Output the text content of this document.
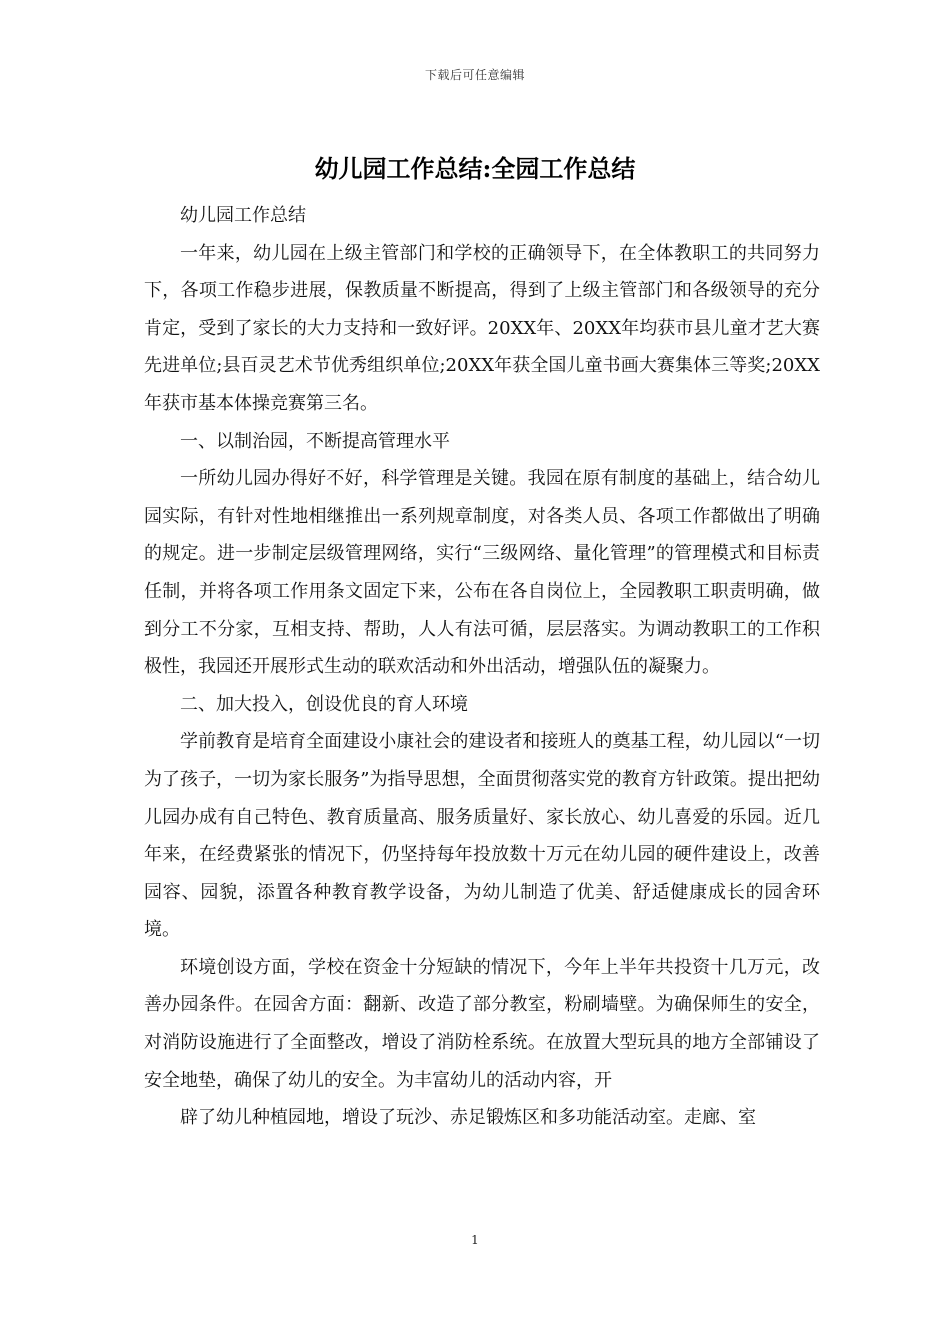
下载后可任意编辑
幼儿园工作总结:全园工作总结

幼儿园工作总结

一年来，幼儿园在上级主管部门和学校的正确领导下，在全体教职工的共同努力下，各项工作稳步进展，保教质量不断提高，得到了上级主管部门和各级领导的充分肯定，受到了家长的大力支持和一致好评。20XX年、20XX年均获市县儿童才艺大赛先进单位;县百灵艺术节优秀组织单位;20XX年获全国儿童书画大赛集体三等奖;20XX年获市基本体操竞赛第三名。

一、以制治园，不断提高管理水平

一所幼儿园办得好不好，科学管理是关键。我园在原有制度的基础上，结合幼儿园实际，有针对性地相继推出一系列规章制度，对各类人员、各项工作都做出了明确的规定。进一步制定层级管理网络，实行“三级网络、量化管理”的管理模式和目标责任制，并将各项工作用条文固定下来，公布在各自岗位上，全园教职工职责明确，做到分工不分家，互相支持、帮助，人人有法可循，层层落实。为调动教职工的工作积极性，我园还开展形式生动的联欢活动和外出活动，增强队伍的凝聚力。

二、加大投入，创设优良的育人环境

学前教育是培育全面建设小康社会的建设者和接班人的奠基工程，幼儿园以“一切为了孩子，一切为家长服务”为指导思想，全面贯彻落实党的教育方针政策。提出把幼儿园办成有自己特色、教育质量高、服务质量好、家长放心、幼儿喜爱的乐园。近几年来，在经费紧张的情况下，仍坚持每年投放数十万元在幼儿园的硬件建设上，改善园容、园貌，添置各种教育教学设备，为幼儿制造了优美、舒适健康成长的园舍环境。

环境创设方面，学校在资金十分短缺的情况下，今年上半年共投资十几万元，改善办园条件。在园舍方面：翻新、改造了部分教室，粉刷墙壁。为确保师生的安全，对消防设施进行了全面整改，增设了消防栓系统。在放置大型玩具的地方全部铺设了安全地垫，确保了幼儿的安全。为丰富幼儿的活动内容，开

辟了幼儿种植园地，增设了玩沙、赤足锻炼区和多功能活动室。走廊、室

1
